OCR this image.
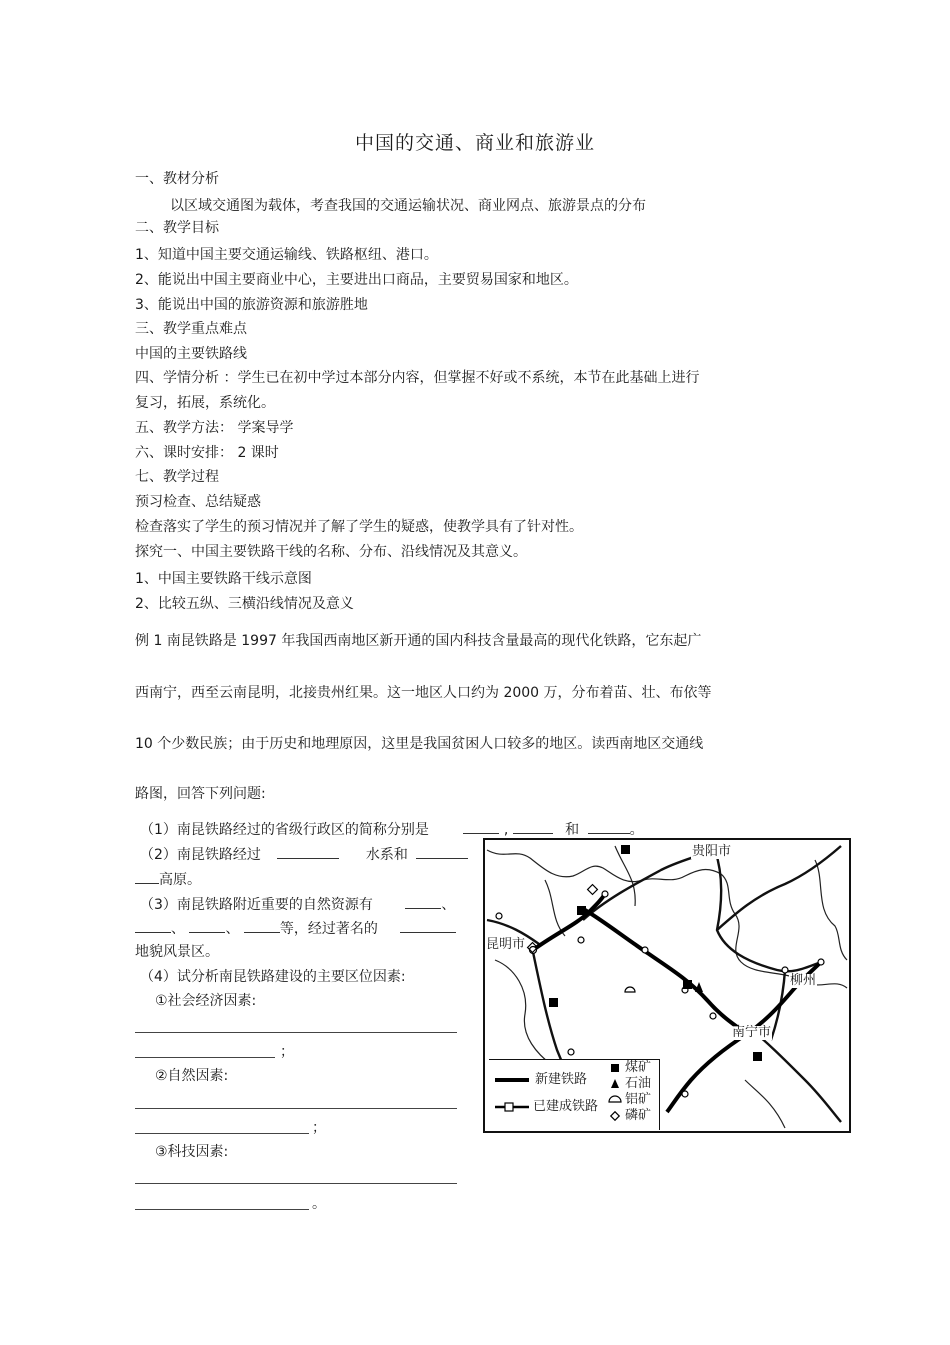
中国的交通、商业和旅游业
一、教材分析
以区域交通图为载体，考查我国的交通运输状况、商业网点、旅游景点的分布
二、教学目标
1、知道中国主要交通运输线、铁路枢纽、港口。
2、能说出中国主要商业中心，主要进出口商品，主要贸易国家和地区。
3、能说出中国的旅游资源和旅游胜地
三、教学重点难点
中国的主要铁路线
四、学情分析 ：学生已在初中学过本部分内容，但掌握不好或不系统，本节在此基础上进行
复习，拓展，系统化。
五、教学方法： 学案导学
六、课时安排： 2 课时
七、教学过程
预习检查、总结疑惑
检查落实了学生的预习情况并了解了学生的疑惑，使教学具有了针对性。
探究一、中国主要铁路干线的名称、分布、沿线情况及其意义。
1、中国主要铁路干线示意图
2、比较五纵、三横沿线情况及意义
例 1 南昆铁路是 1997 年我国西南地区新开通的国内科技含量最高的现代化铁路，它东起广
西南宁，西至云南昆明，北接贵州红果。这一地区人口约为 2000 万，分布着苗、壮、布依等
10 个少数民族；由于历史和地理原因，这里是我国贫困人口较多的地区。读西南地区交通线
路图，回答下列问题:
（1）南昆铁路经过的省级行政区的简称分别是	,	和	。
（2）南昆铁路经过	水系和
高原。
（3）南昆铁路附近重要的自然资源有	、
、	、	等，经过著名的
地貌风景区。
（4）试分析南昆铁路建设的主要区位因素:
①社会经济因素:
；
②自然因素:
；
③科技因素:
。
贵阳市
昆明市
柳州
南宁市
新建铁路
已建成铁路
煤矿
石油
铝矿
磷矿
